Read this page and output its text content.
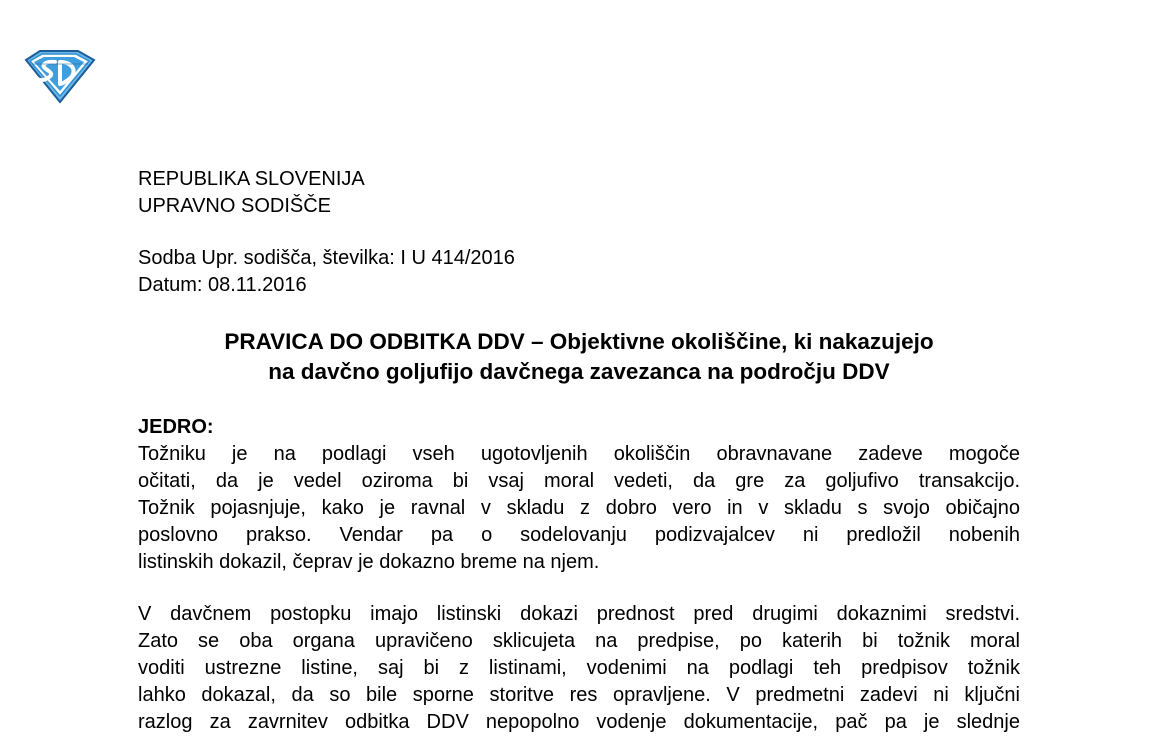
REPUBLIKA SLOVENIJA
UPRAVNO SODIŠČE
Sodba Upr. sodišča, številka: I U 414/2016
Datum: 08.11.2016
PRAVICA DO ODBITKA DDV – Objektivne okoliščine, ki nakazujejo
na davčno goljufijo davčnega zavezanca na področju DDV
JEDRO:
Tožniku je na podlagi vseh ugotovljenih okoliščin obravnavane zadeve mogoče
očitati, da je vedel oziroma bi vsaj moral vedeti, da gre za goljufivo transakcijo.
Tožnik pojasnjuje, kako je ravnal v skladu z dobro vero in v skladu s svojo običajno
poslovno prakso. Vendar pa o sodelovanju podizvajalcev ni predložil nobenih
listinskih dokazil, čeprav je dokazno breme na njem.
V davčnem postopku imajo listinski dokazi prednost pred drugimi dokaznimi sredstvi.
Zato se oba organa upravičeno sklicujeta na predpise, po katerih bi tožnik moral
voditi ustrezne listine, saj bi z listinami, vodenimi na podlagi teh predpisov tožnik
lahko dokazal, da so bile sporne storitve res opravljene. V predmetni zadevi ni ključni
razlog za zavrnitev odbitka DDV nepopolno vodenje dokumentacije, pač pa je slednje
